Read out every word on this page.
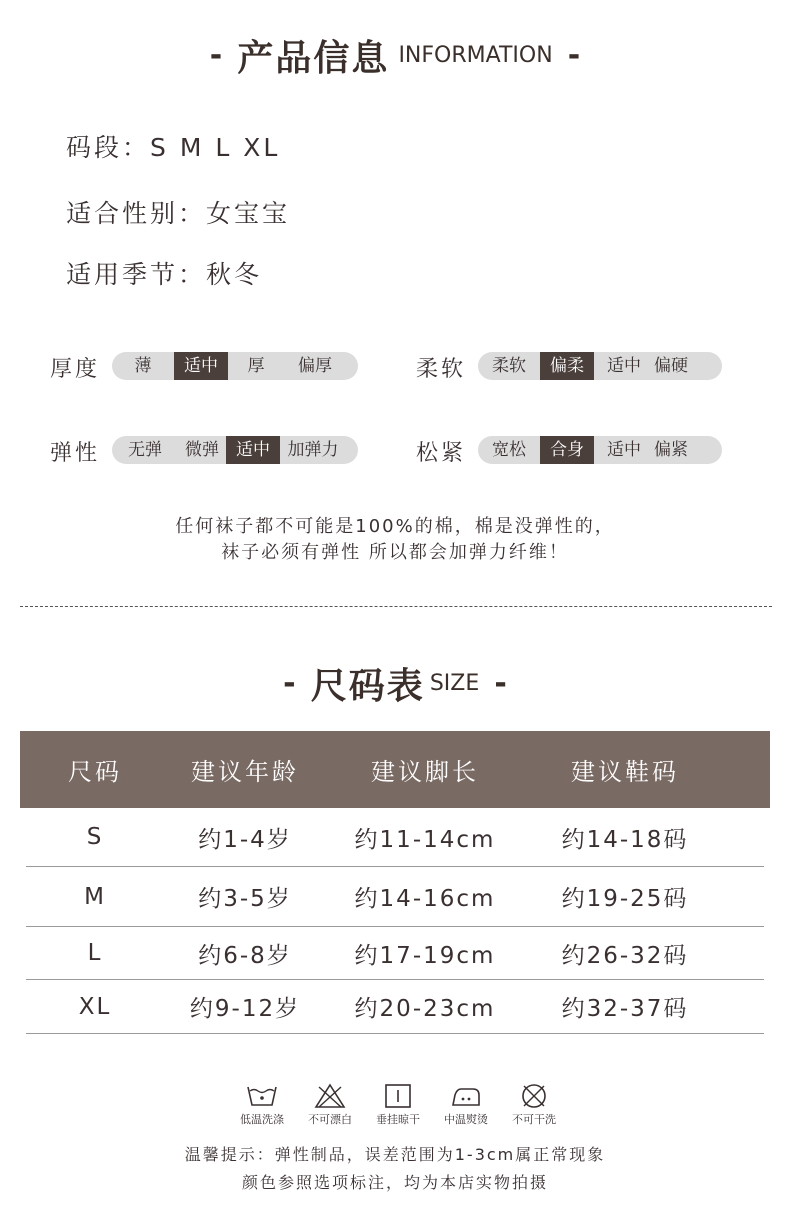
- 产品信息 INFORMATION -
码段：S M L XL
适合性别：女宝宝
适用季节：秋冬
厚度	薄	适中	厚	偏厚	柔软	柔软	偏柔	适中 偏硬
弹性	无弹	微弹	适中	加弹力	松紧	宽松	合身	适中 偏紧
任何袜子都不可能是100%的棉，棉是没弹性的，
袜子必须有弹性 所以都会加弹力纤维！
- 尺码表 SIZE -
尺码	建议年龄	建议脚长	建议鞋码
S	约1-4岁	约11-14cm	约14-18码
M	约3-5岁	约14-16cm	约19-25码
L	约6-8岁	约17-19cm	约26-32码
XL	约9-12岁	约20-23cm	约32-37码
低温洗涤	不可漂白	垂挂晾干	中温熨烫	不可干洗
温馨提示：弹性制品，误差范围为1-3cm属正常现象
颜色参照选项标注，均为本店实物拍摄
